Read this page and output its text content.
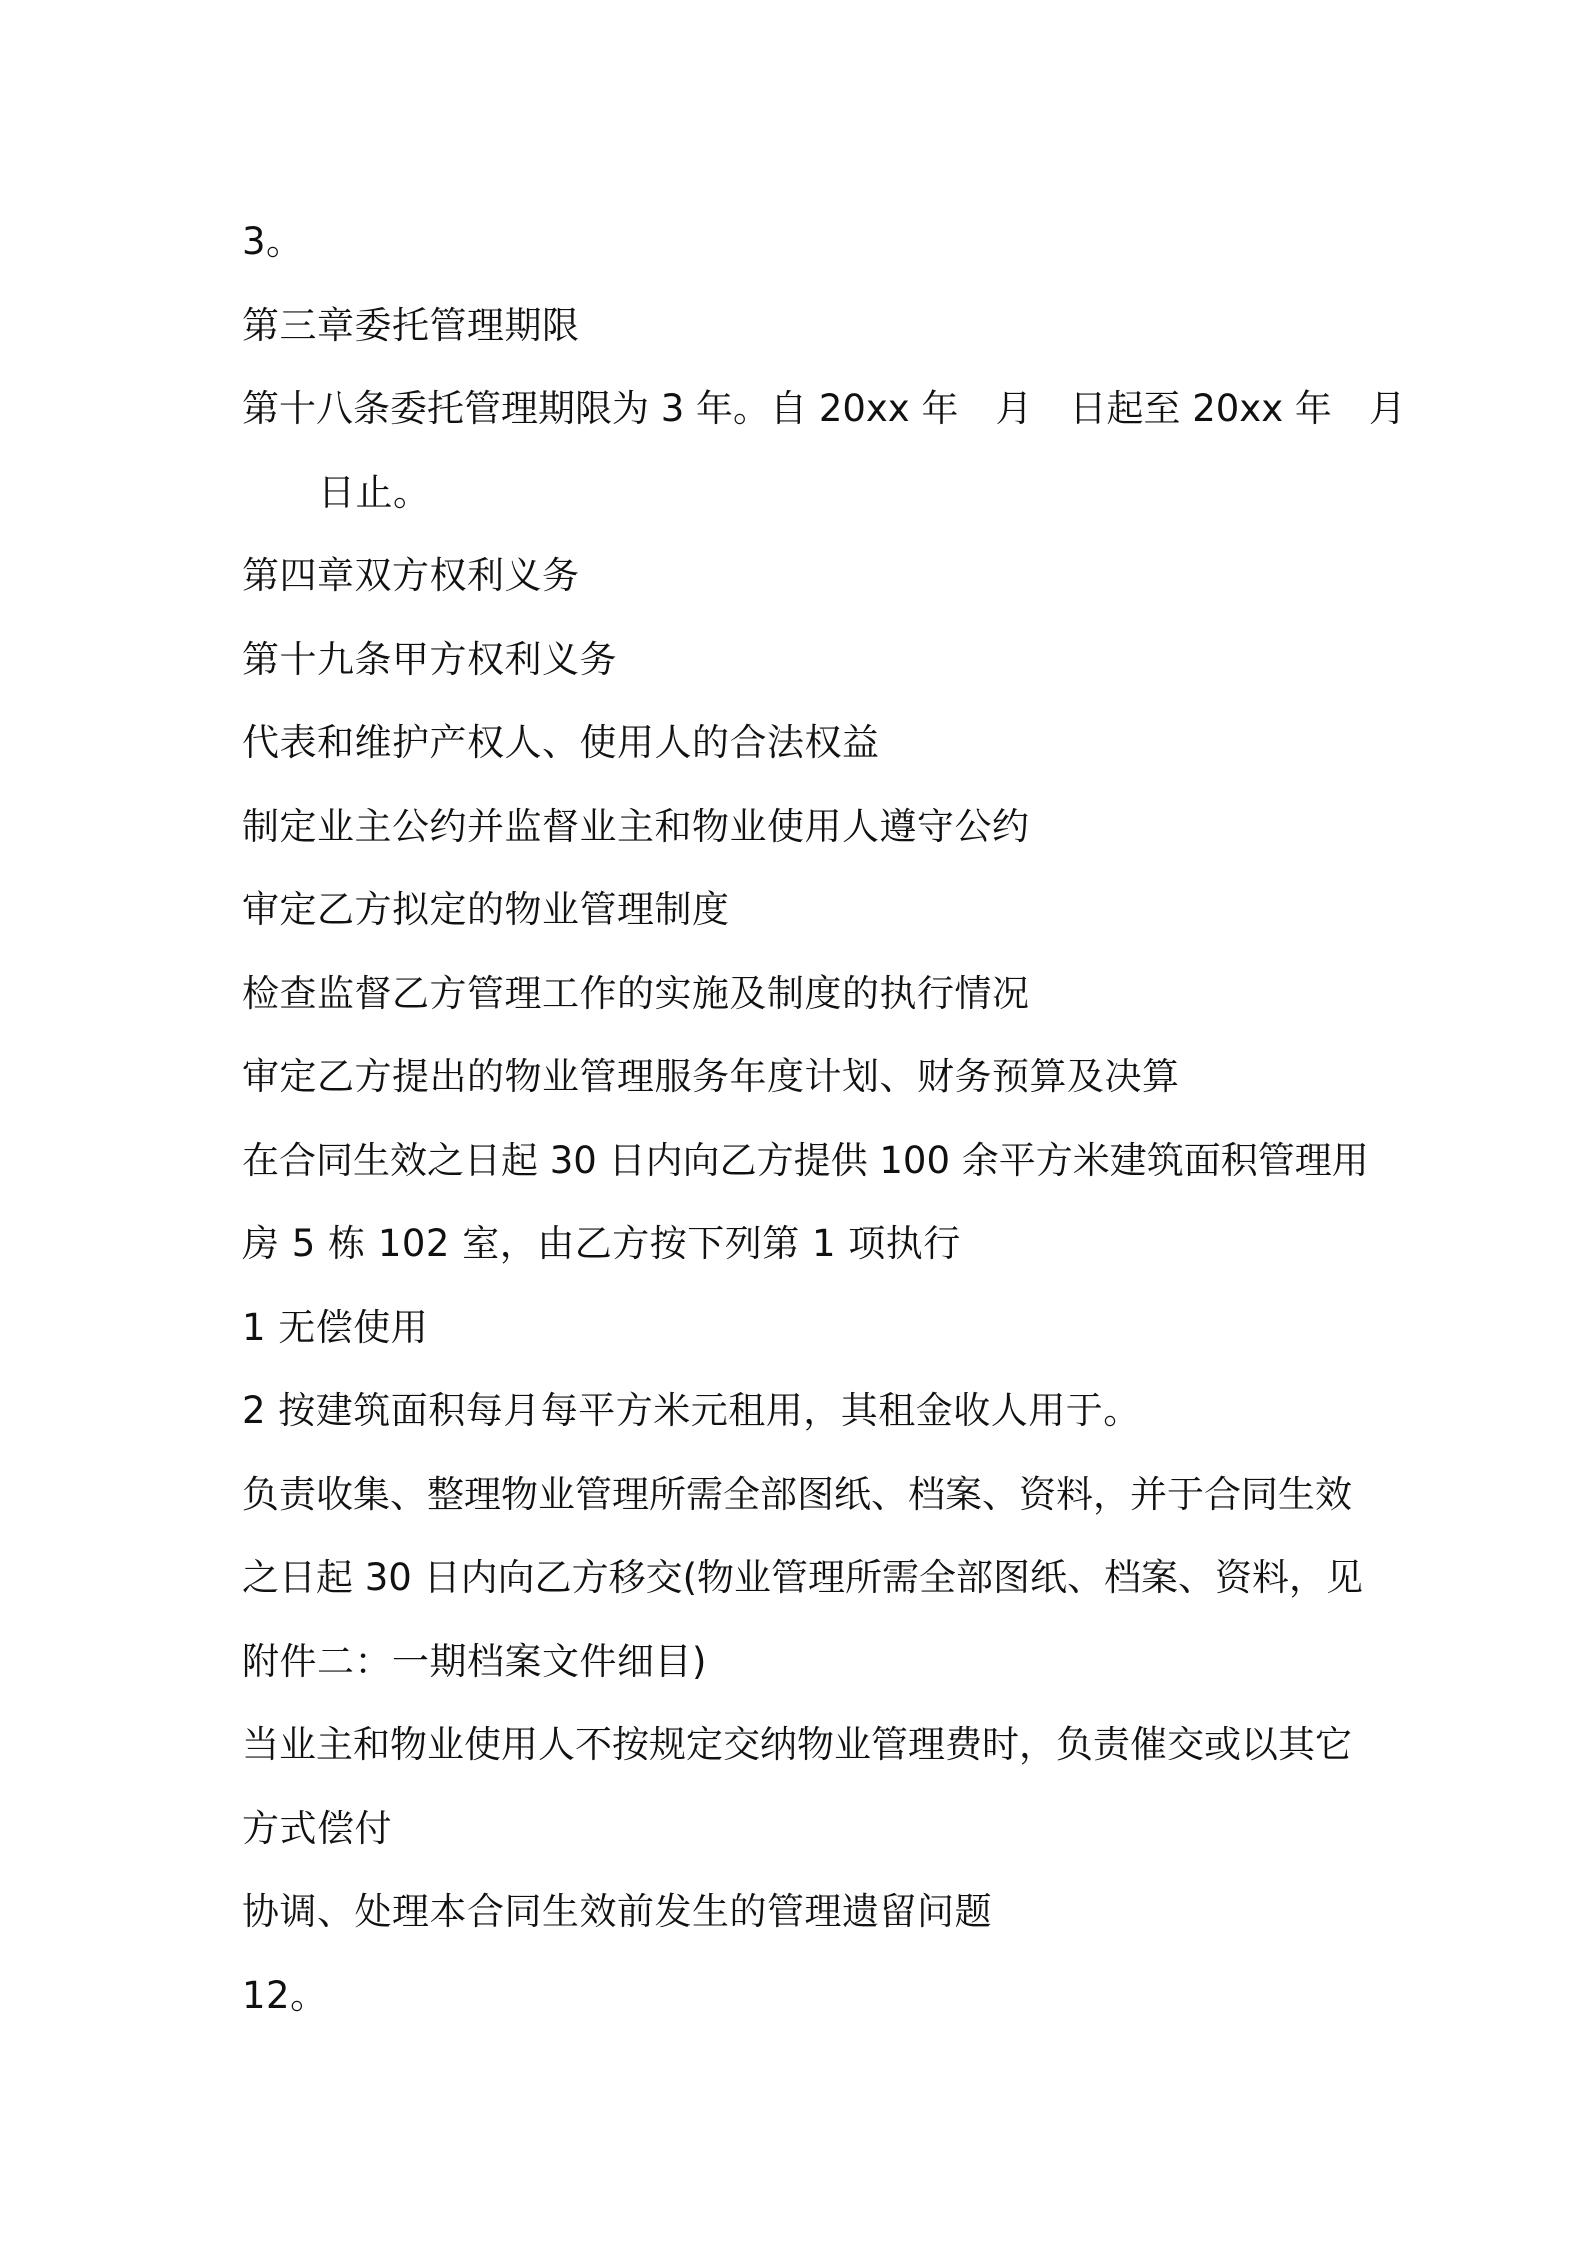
3。
第三章委托管理期限
第十八条委托管理期限为 3 年。自 20xx 年　月　日起至 20xx 年　月
日止。
第四章双方权利义务
第十九条甲方权利义务
代表和维护产权人、使用人的合法权益
制定业主公约并监督业主和物业使用人遵守公约
审定乙方拟定的物业管理制度
检查监督乙方管理工作的实施及制度的执行情况
审定乙方提出的物业管理服务年度计划、财务预算及决算
在合同生效之日起 30 日内向乙方提供 100 余平方米建筑面积管理用
房 5 栋 102 室，由乙方按下列第 1 项执行
1 无偿使用
2 按建筑面积每月每平方米元租用，其租金收人用于。
负责收集、整理物业管理所需全部图纸、档案、资料，并于合同生效
之日起 30 日内向乙方移交(物业管理所需全部图纸、档案、资料，见
附件二：一期档案文件细目)
当业主和物业使用人不按规定交纳物业管理费时，负责催交或以其它
方式偿付
协调、处理本合同生效前发生的管理遗留问题
12。
